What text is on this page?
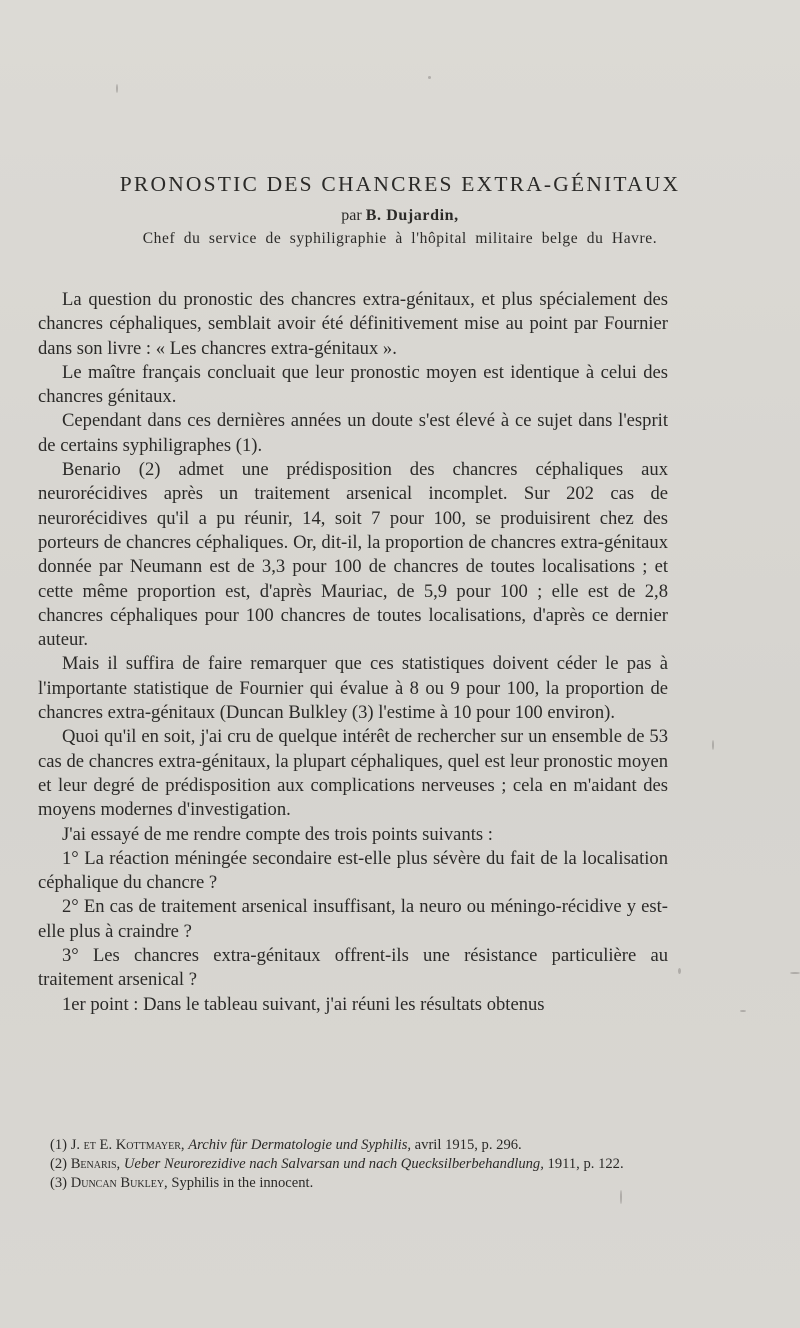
PRONOSTIC DES CHANCRES EXTRA-GÉNITAUX
par B. Dujardin,
Chef du service de syphiligraphie à l'hôpital militaire belge du Havre.

La question du pronostic des chancres extra-génitaux, et plus spécialement des chancres céphaliques, semblait avoir été définitivement mise au point par Fournier dans son livre : « Les chancres extra-génitaux ».

Le maître français concluait que leur pronostic moyen est identique à celui des chancres génitaux.

Cependant dans ces dernières années un doute s'est élevé à ce sujet dans l'esprit de certains syphiligraphes (1).

Benario (2) admet une prédisposition des chancres céphaliques aux neurorécidives après un traitement arsenical incomplet. Sur 202 cas de neurorécidives qu'il a pu réunir, 14, soit 7 pour 100, se produisirent chez des porteurs de chancres céphaliques. Or, dit-il, la proportion de chancres extra-génitaux donnée par Neumann est de 3,3 pour 100 de chancres de toutes localisations ; et cette même proportion est, d'après Mauriac, de 5,9 pour 100 ; elle est de 2,8 chancres céphaliques pour 100 chancres de toutes localisations, d'après ce dernier auteur.

Mais il suffira de faire remarquer que ces statistiques doivent céder le pas à l'importante statistique de Fournier qui évalue à 8 ou 9 pour 100, la proportion de chancres extra-génitaux (Duncan Bulkley (3) l'estime à 10 pour 100 environ).

Quoi qu'il en soit, j'ai cru de quelque intérêt de rechercher sur un ensemble de 53 cas de chancres extra-génitaux, la plupart céphaliques, quel est leur pronostic moyen et leur degré de prédisposition aux complications nerveuses ; cela en m'aidant des moyens modernes d'investigation.

J'ai essayé de me rendre compte des trois points suivants :

1° La réaction méningée secondaire est-elle plus sévère du fait de la localisation céphalique du chancre ?

2° En cas de traitement arsenical insuffisant, la neuro ou méningo-récidive y est-elle plus à craindre ?

3° Les chancres extra-génitaux offrent-ils une résistance particulière au traitement arsenical ?

1er point : Dans le tableau suivant, j'ai réuni les résultats obtenus

(1) J. et E. Kottmayer, Archiv für Dermatologie und Syphilis, avril 1915, p. 296.

(2) Benaris, Ueber Neurorezidive nach Salvarsan und nach Quecksilberbehandlung, 1911, p. 122.

(3) Duncan Bukley, Syphilis in the innocent.
